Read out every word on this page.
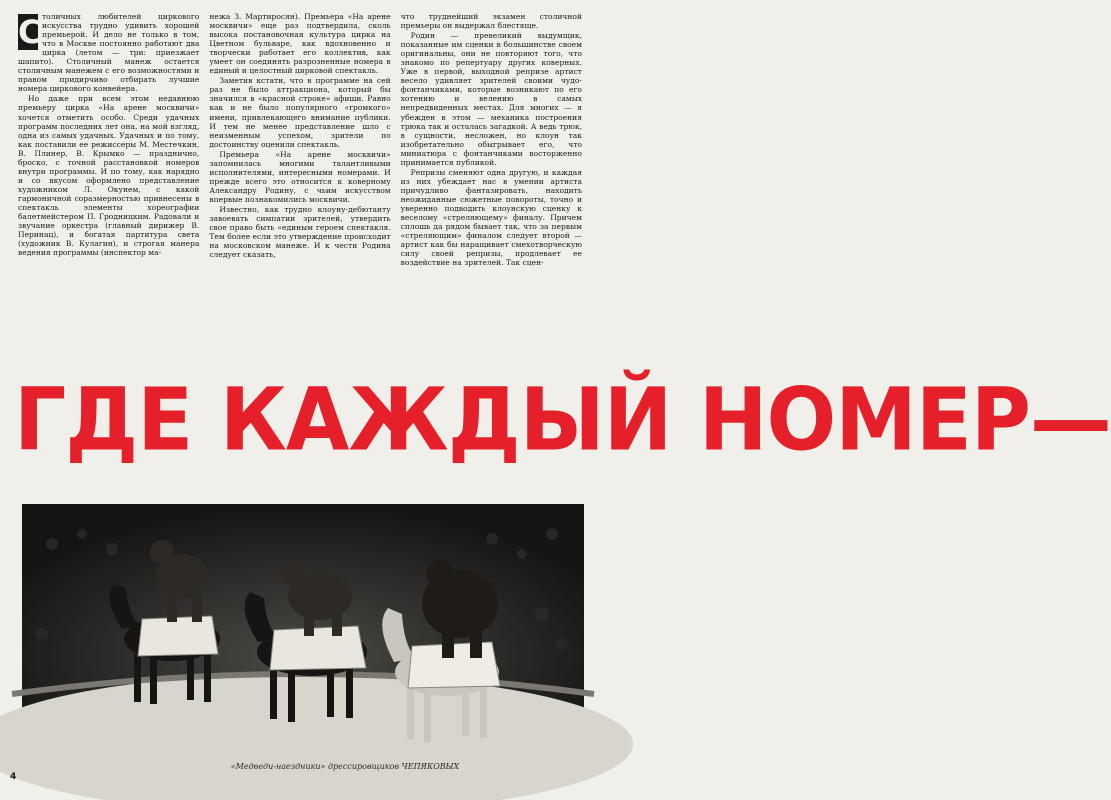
С толичных любителей циркового искусства трудно удивить хорошей премьерой. И дело не только в том, что в Москве постоянно работают два цирка (летом — три: приезжает шапито). Столичный манеж остается столичным манежем с его возможностями и правом придирчиво отбирать лучшие номера циркового конвейера.

Но даже при всем этом недавнюю премьеру цирка «На арене москвичи» хочется отметить особо. Среди удачных программ последних лет она, на мой взгляд, одна из самых удачных. Удачных и по тому, как поставили ее режиссеры М. Местечкин, В. Плинер, В. Крымко — празднично, броско, с точной расстановкой номеров внутри программы. И по тому, как нарядно и со вкусом оформлено представление художником Л. Окунем, с какой гармоничной соразмерностью привнесены в спектакль элементы хореографии балетмейстером П. Гродницким. Радовали и звучание оркестра (главный дирижер В. Перинац), и богатая партитура света (художник В. Кулагин), и строгая манера ведения программы (инспектор ма-

нежа З. Мартиросян). Премьера «На арене москвичи» еще раз подтвердила, сколь высока постановочная культура цирка на Цветном бульваре, как вдохновенно и творчески работает его коллектив, как умеет он соединять разрозненные номера в единый и целостный цирковой спектакль.

Заметив кстати, что в программе на сей раз не было аттракциона, который бы значился в «красной строке» афиши. Равно как и не было популярного «громкого» имени, привлекающего внимание публики. И тем не менее представление шло с неизменным успехом, зрители по достоинству оценили спектакль.

Премьера «На арене москвичи» запомнилась многими талантливыми исполнителями, интересными номерами. И прежде всего это относится к коверному Александру Родину, с чьим искусством впервые познакомились москвичи.

Известно, как трудно клоуну-дебютанту завоевать симпатии зрителей, утвердить свое право быть «единым героем спектакля. Тем более если это утверждение происходит на московском манеже. И к чести Родина следует сказать,

что труднейший экзамен столичной премьеры он выдержал блестяще.

Родин — превеликий выдумщик, показанные им сценки в большинстве своем оригинальны, они не повторяют того, что знакомо по репертуару других коверных. Уже в первой, выходной репризе артист весело удивляет зрителей своими чудо-фонтанчиками, которые возникают по его хотению и велению в самых непредвиденных местах. Для многих — я убежден в этом — механика построения трюка так и осталась загадкой. А ведь трюк, в сущности, несложен, но клоун так изобретательно обыгрывает его, что миниатюра с фонтанчиками восторженно принимается публикой.

Репризы сменяют одна другую, и каждая из них убеждает нас в умении артиста причудливо фантазировать, находить неожиданные сюжетные повороты, точно и уверенно подводить клоунскую сценку к веселому «стреляющему» финалу. Причем сплошь да рядом бывает так, что за первым «стреляющим» финалом следует второй — артист как бы наращивает смехотворческую силу своей репризы, продлевает ее воздействие на зрителей. Так сцен-

ГДЕ КАЖДЫЙ НОМЕР—
«Медведи-наездники» дрессировщиков ЧЕПЯКОВЫХ
4
